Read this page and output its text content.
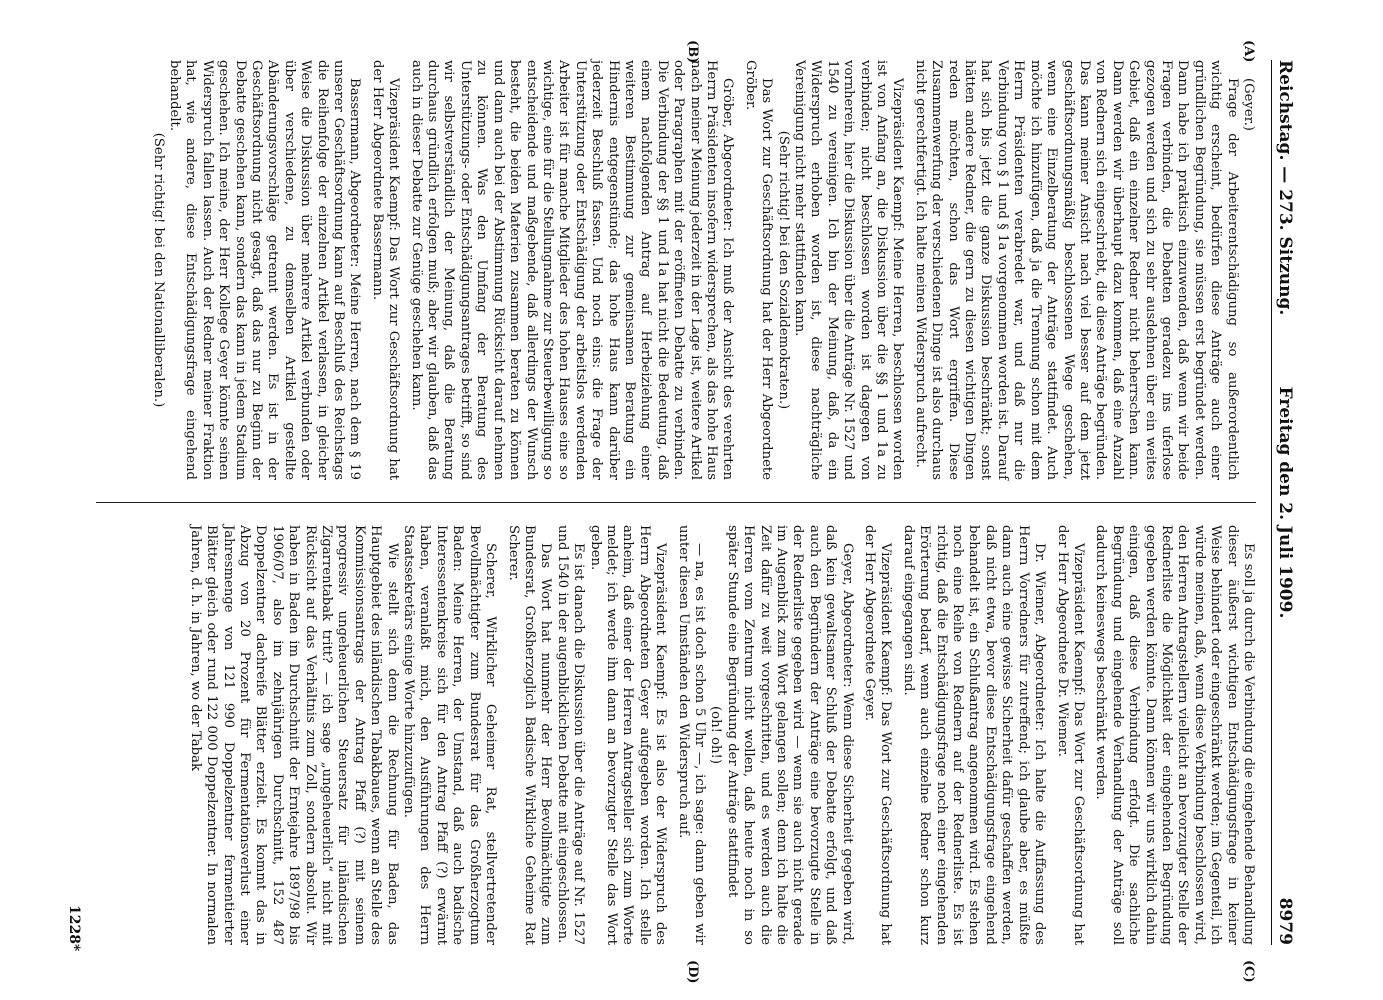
Reichstag. — 273. Sitzung.
Freitag den 2. Juli 1909.
8979
(A)
(B)
(C)
(D)

(Geyer.)

Frage der Arbeiterentschädigung so außerordentlich wichtig erscheint, bedürfen diese Anträge auch einer gründlichen Begründung, sie müssen erst begründet werden. Dann habe ich praktisch einzuwenden, daß wenn wir beide Fragen verbinden, die Debatten geradezu ins uferlose gezogen werden und sich zu sehr ausdehnen über ein weites Gebiet, daß ein einzelner Redner nicht beherrschen kann. Dann werden wir überhaupt dazu kommen, daß eine Anzahl von Rednern sich eingeschriebt, die diese Anträge begründen. Das kann meiner Ansicht nach viel besser auf dem jetzt geschäftsordnungsmäßig beschlossenen Wege geschehen, wenn eine Einzelberatung der Anträge stattfindet. Auch möchte ich hinzufügen, daß ja die Trennung schon mit dem Herrn Präsidenten verabredet war, und daß nur die Verbindung von § 1 und § 1a vorgenommen worden ist. Darauf hat sich bis jetzt die ganze Diskussion beschränkt; sonst hätten andere Redner, die gern zu diesen wichtigen Dingen reden möchten, schon das Wort ergriffen. Diese Zusammenwerfung der verschiedenen Dinge ist also durchaus nicht gerechtfertigt. Ich halte meinen Widerspruch aufrecht.

Vizepräsident Kaempf: Meine Herren, beschlossen worden ist von Anfang an, die Diskussion über die §§ 1 und 1a zu verbinden; nicht beschlossen worden ist dagegen von vornherein, hier die Diskussion über die Anträge Nr. 1527 und 1540 zu vereinigen. Ich bin der Meinung, daß, da ein Widerspruch erhoben worden ist, diese nachträgliche Vereinigung nicht mehr stattfinden kann.

(Sehr richtig! bei den Sozialdemokraten.)

Das Wort zur Geschäftsordnung hat der Herr Abgeordnete Gröber.

Gröber, Abgeordneter: Ich muß der Ansicht des verehrten Herrn Präsidenten insofern widersprechen, als das hohe Haus nach meiner Meinung jederzeit in der Lage ist, weitere Artikel oder Paragraphen mit der eröffneten Debatte zu verbinden. Die Verbindung der §§ 1 und 1a hat nicht die Bedeutung, daß einem nachfolgenden Antrag auf Herbeiziehung einer weiteren Bestimmung zur gemeinsamen Beratung ein Hindernis entgegenstünde; das hohe Haus kann darüber jederzeit Beschluß fassen. Und noch eins: die Frage der Unterstützung oder Entschädigung der arbeitslos werdenden Arbeiter ist für manche Mitglieder des hohen Hauses eine so wichtige, eine für die Stellungnahme zur Steuerbewilligung so entscheidende und maßgebende, daß allerdings der Wunsch besteht, die beiden Materien zusammen beraten zu können und dann auch bei der Abstimmung Rücksicht darauf nehmen zu können. Was den Umfang der Beratung des Unterstützungs- oder Entschädigungsantrages betrifft, so sind wir selbstverständlich der Meinung, daß die Beratung durchaus gründlich erfolgen muß; aber wir glauben, daß das auch in dieser Debatte zur Genüge geschehen kann.

Vizepräsident Kaempf: Das Wort zur Geschäftsordnung hat der Herr Abgeordnete Bassermann.

Bassermann, Abgeordneter: Meine Herren, nach dem § 19 unserer Geschäftsordnung kann auf Beschluß des Reichstags die Reihenfolge der einzelnen Artikel verlassen, in gleicher Weise die Diskussion über mehrere Artikel verbunden oder über verschiedene, zu demselben Artikel gestellte Abänderungsvorschläge getrennt werden. Es ist in der Geschäftsordnung nicht gesagt, daß das nur zu Beginn der Debatte geschehen kann, sondern das kann in jedem Stadium geschehen. Ich meine, der Herr Kollege Geyer könnte seinen Widerspruch fallen lassen. Auch der Redner meiner Fraktion hat, wie andere, diese Entschädigungsfrage eingehend behandelt.

(Sehr richtig! bei den Nationalliberalen.)

Es soll ja durch die Verbindung die eingehende Behandlung dieser äußerst wichtigen Entschädigungsfrage in keiner Weise behindert oder eingeschränkt werden; im Gegenteil, ich würde meinen, daß, wenn diese Verbindung beschlossen wird, den Herren Antragstellern vielleicht an bevorzugter Stelle der Rednerliste die Möglichkeit der eingehenden Begründung gegeben werden könnte. Dann können wir uns wirklich dahin einigen, daß diese Verbindung erfolgt. Die sachliche Begründung und eingehende Verhandlung der Anträge soll dadurch keineswegs beschränkt werden.

Vizepräsident Kaempf: Das Wort zur Geschäftsordnung hat der Herr Abgeordnete Dr. Wiemer.

Dr. Wiemer, Abgeordneter: Ich halte die Auffassung des Herrn Vorredners für zutreffend; ich glaube aber, es müßte dann auch eine gewisse Sicherheit dafür geschaffen werden, daß nicht etwa, bevor diese Entschädigungsfrage eingehend behandelt ist, ein Schlußantrag angenommen wird. Es stehen noch eine Reihe von Rednern auf der Rednerliste. Es ist richtig, daß die Entschädigungsfrage noch einer eingehenden Erörterung bedarf, wenn auch einzelne Redner schon kurz darauf eingegangen sind.

Vizepräsident Kaempf: Das Wort zur Geschäftsordnung hat der Herr Abgeordnete Geyer.

Geyer, Abgeordneter: Wenn diese Sicherheit gegeben wird, daß kein gewaltsamer Schluß der Debatte erfolgt, und daß auch den Begründern der Anträge eine bevorzugte Stelle in der Rednerliste gegeben wird — wenn sie auch nicht gerade im Augenblick zum Wort gelangen sollen; denn ich halte die Zeit dafür zu weit vorgeschritten, und es werden auch die Herren vom Zentrum nicht wollen, daß heute noch in so später Stunde eine Begründung der Anträge stattfindet

(oh! oh!)

— na, es ist doch schon 5 Uhr —, ich sage: dann geben wir unter diesen Umständen den Widerspruch auf.

Vizepräsident Kaempf: Es ist also der Widerspruch des Herrn Abgeordneten Geyer aufgegeben worden. Ich stelle anheim, daß einer der Herren Antragsteller sich zum Worte meldet; ich werde ihm dann an bevorzugter Stelle das Wort geben.

Es ist danach die Diskussion über die Anträge auf Nr. 1527 und 1540 in der augenblicklichen Debatte mit eingeschlossen.

Das Wort hat nunmehr der Herr Bevollmächtigte zum Bundesrat, Großherzoglich Badische Wirkliche Geheime Rat Scherer.

Scherer, Wirklicher Geheimer Rat, stellvertretender Bevollmächtigter zum Bundesrat für das Großherzogtum Baden: Meine Herren, der Umstand, daß auch badische Interessentenkreise sich für den Antrag Pfaff (?) erwärmt haben, veranlaßt mich, den Ausführungen des Herrn Staatssekretärs einige Worte hinzuzufügen.

Wie stellt sich denn die Rechnung für Baden, das Hauptgebiet des inländischen Tabakbaues, wenn an Stelle des Kommissionsantrags der Antrag Pfaff (?) mit seinem progressiv ungeheuerlichen Steuersatz für inländischen Zigarrentabak tritt? — ich sage „ungeheuerlich“ nicht mit Rücksicht auf das Verhältnis zum Zoll, sondern absolut. Wir haben in Baden im Durchschnitt der Erntejahre 1897/98 bis 1906/07, also im zehnjährigen Durchschnitt, 152 487 Doppelzentner dachreife Blätter erzielt. Es kommt das in Abzug von 20 Prozent für Fermentationsverlust einer Jahresmenge von 121 990 Doppelzentner fermentierter Blätter gleich oder rund 122 000 Doppelzentner. In normalen Jahren, d. h. in Jahren, wo der Tabak

1228*
